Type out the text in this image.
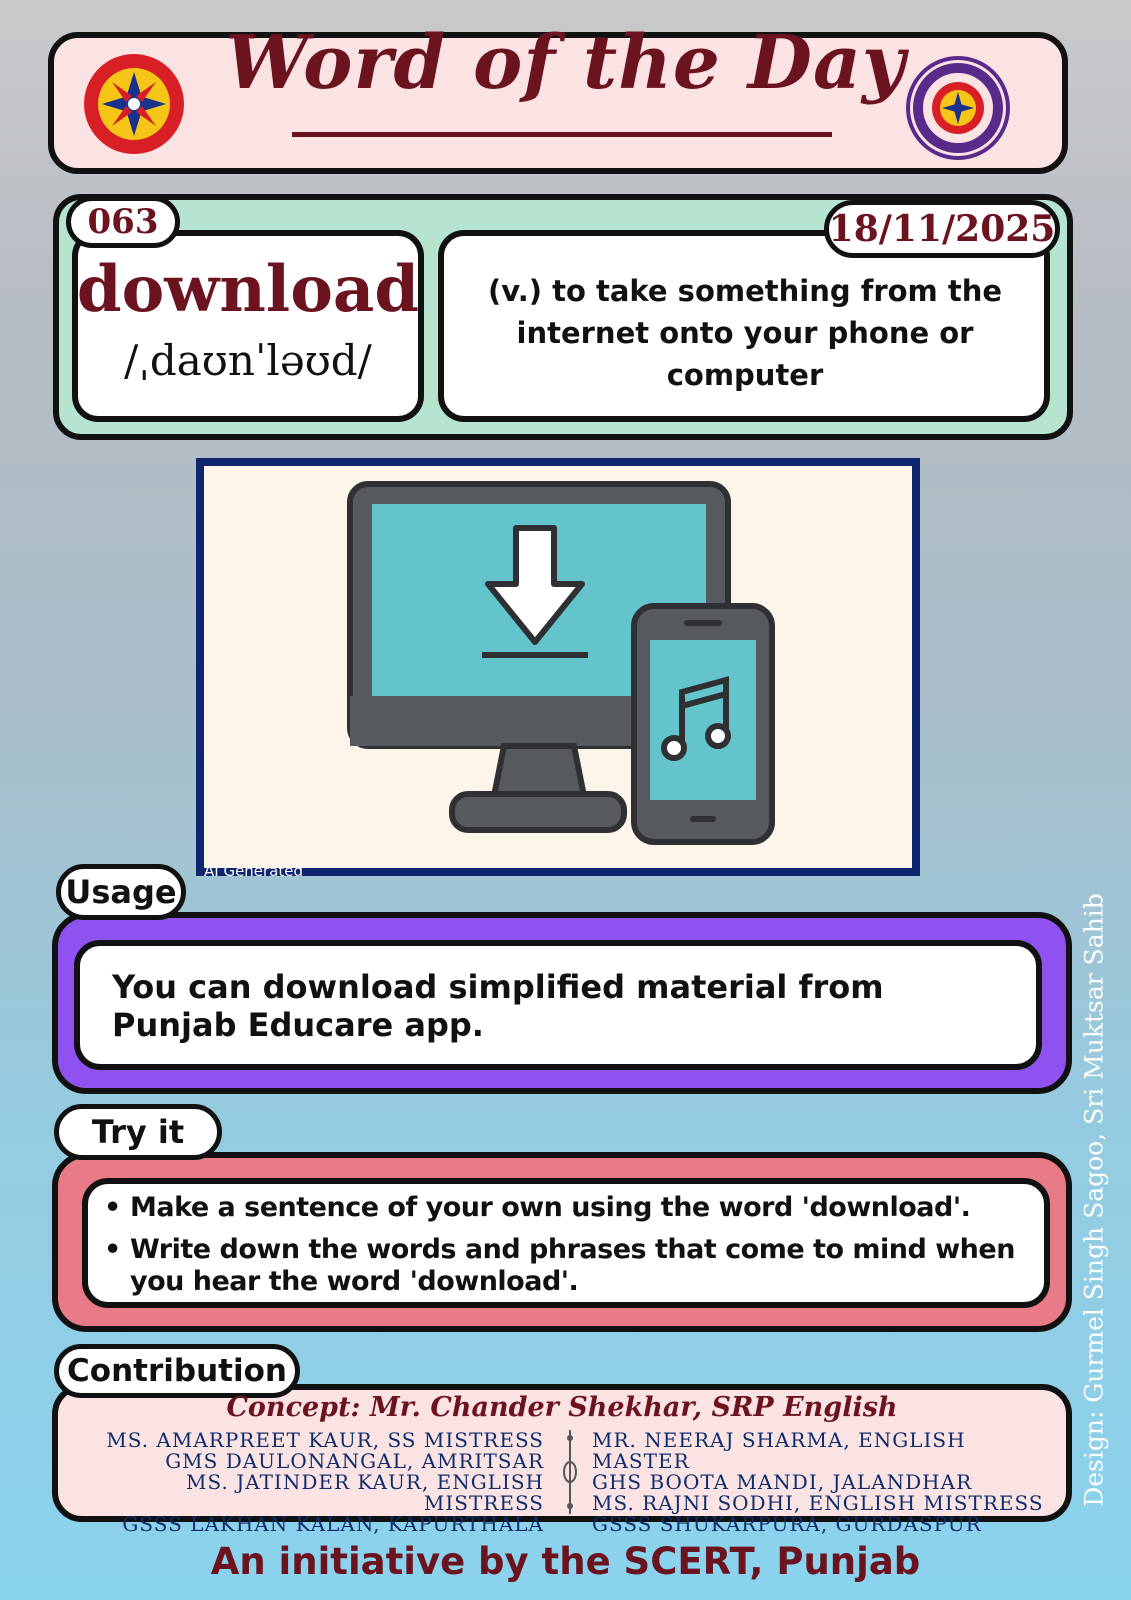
Word of the Day
063	18/11/2025
download
/ˌdaʊnˈləʊd/
(v.) to take something from the internet onto your phone or computer
AI Generated
Usage
You can download simplified material from Punjab Educare app.
Try it
• Make a sentence of your own using the word 'download'.
• Write down the words and phrases that come to mind when you hear the word 'download'.
Contribution
Concept: Mr. Chander Shekhar, SRP English
MS. AMARPREET KAUR, SS MISTRESS
GMS DAULONANGAL, AMRITSAR
MS. JATINDER KAUR, ENGLISH MISTRESS
GSSS LAKHAN KALAN, KAPURTHALA
MR. NEERAJ SHARMA, ENGLISH MASTER
GHS BOOTA MANDI, JALANDHAR
MS. RAJNI SODHI, ENGLISH MISTRESS
GSSS SHUKARPURA, GURDASPUR
An initiative by the SCERT, Punjab
Design: Gurmel Singh Sagoo, Sri Muktsar Sahib
